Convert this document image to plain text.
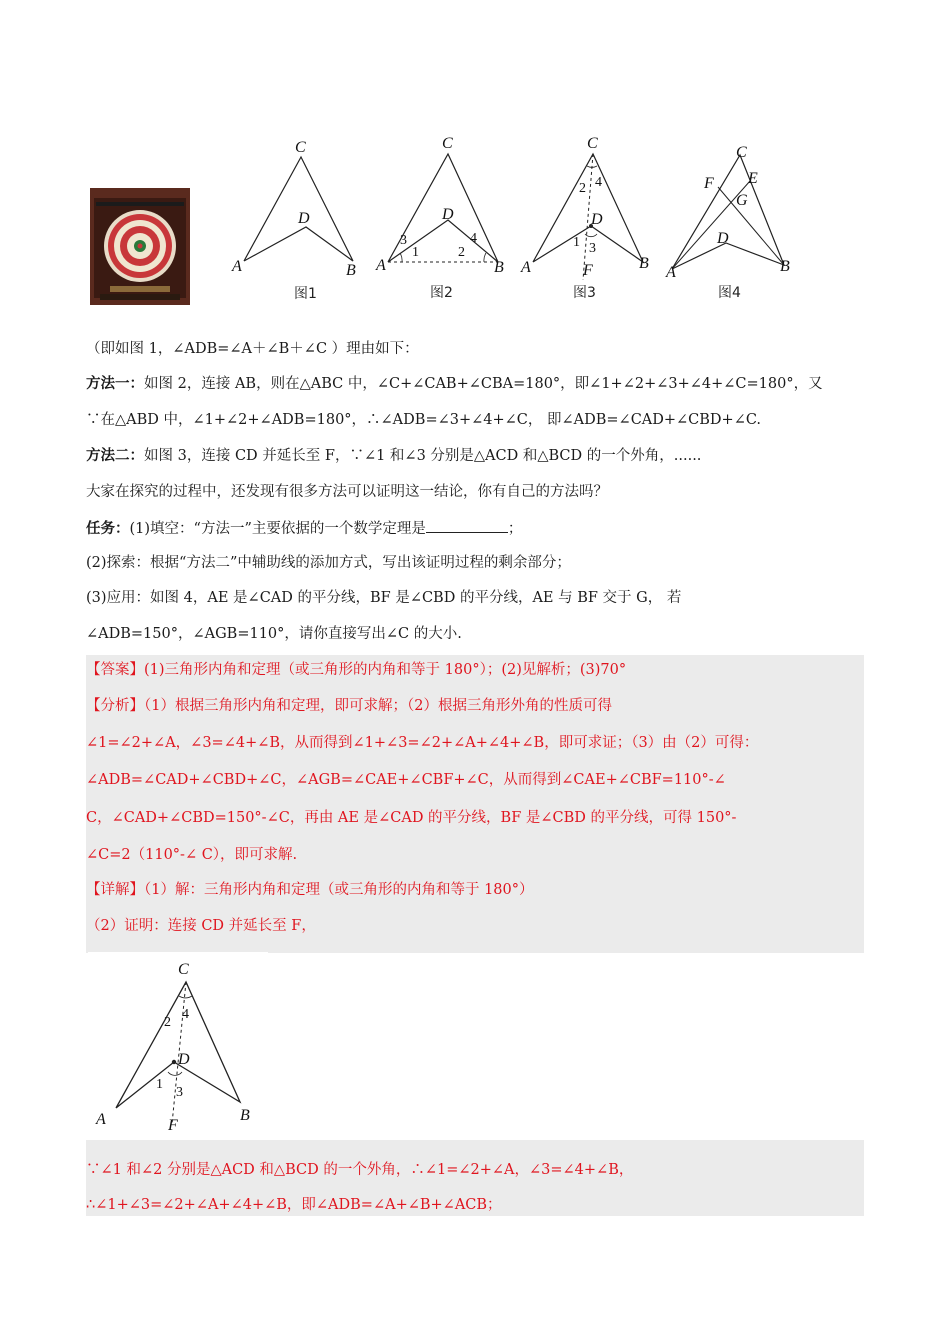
C
D
A	B
图1
C
D
A	B
3
1	2
4
图2
C
D
A	B
F
2 4
1 3
图3
C
E
F
G
D
A	B
图4
（即如图 1，∠ADB=∠A＋∠B＋∠C ）理由如下：
方法一：如图 2，连接 AB，则在△ABC 中，∠C+∠CAB+∠CBA=180°，即∠1+∠2+∠3+∠4+∠C=180°，又
∵在△ABD 中，∠1+∠2+∠ADB=180°，∴∠ADB=∠3+∠4+∠C， 即∠ADB=∠CAD+∠CBD+∠C.
方法二：如图 3，连接 CD 并延长至 F，∵∠1 和∠3 分别是△ACD 和△BCD 的一个外角，......
大家在探究的过程中，还发现有很多方法可以证明这一结论，你有自己的方法吗？
任务：(1)填空：“方法一”主要依据的一个数学定理是	；
(2)探索：根据“方法二”中辅助线的添加方式，写出该证明过程的剩余部分；
(3)应用：如图 4，AE 是∠CAD 的平分线，BF 是∠CBD 的平分线，AE 与 BF 交于 G， 若
∠ADB=150°，∠AGB=110°，请你直接写出∠C 的大小.
【答案】(1)三角形内角和定理（或三角形的内角和等于 180°）；(2)见解析；(3)70°
【分析】（1）根据三角形内角和定理，即可求解；（2）根据三角形外角的性质可得
∠1=∠2+∠A，∠3=∠4+∠B，从而得到∠1+∠3=∠2+∠A+∠4+∠B，即可求证；（3）由（2）可得：
∠ADB=∠CAD+∠CBD+∠C，∠AGB=∠CAE+∠CBF+∠C，从而得到∠CAE+∠CBF=110°-∠
C，∠CAD+∠CBD=150°-∠C，再由 AE 是∠CAD 的平分线，BF 是∠CBD 的平分线，可得 150°-
∠C=2（110°-∠ C），即可求解.
【详解】（1）解：三角形内角和定理（或三角形的内角和等于 180°）
（2）证明：连接 CD 并延长至 F，
C
D
A	B
F
2
4
1
3
∵∠1 和∠2 分别是△ACD 和△BCD 的一个外角，∴∠1=∠2+∠A，∠3=∠4+∠B，
∴∠1+∠3=∠2+∠A+∠4+∠B，即∠ADB=∠A+∠B+∠ACB；
